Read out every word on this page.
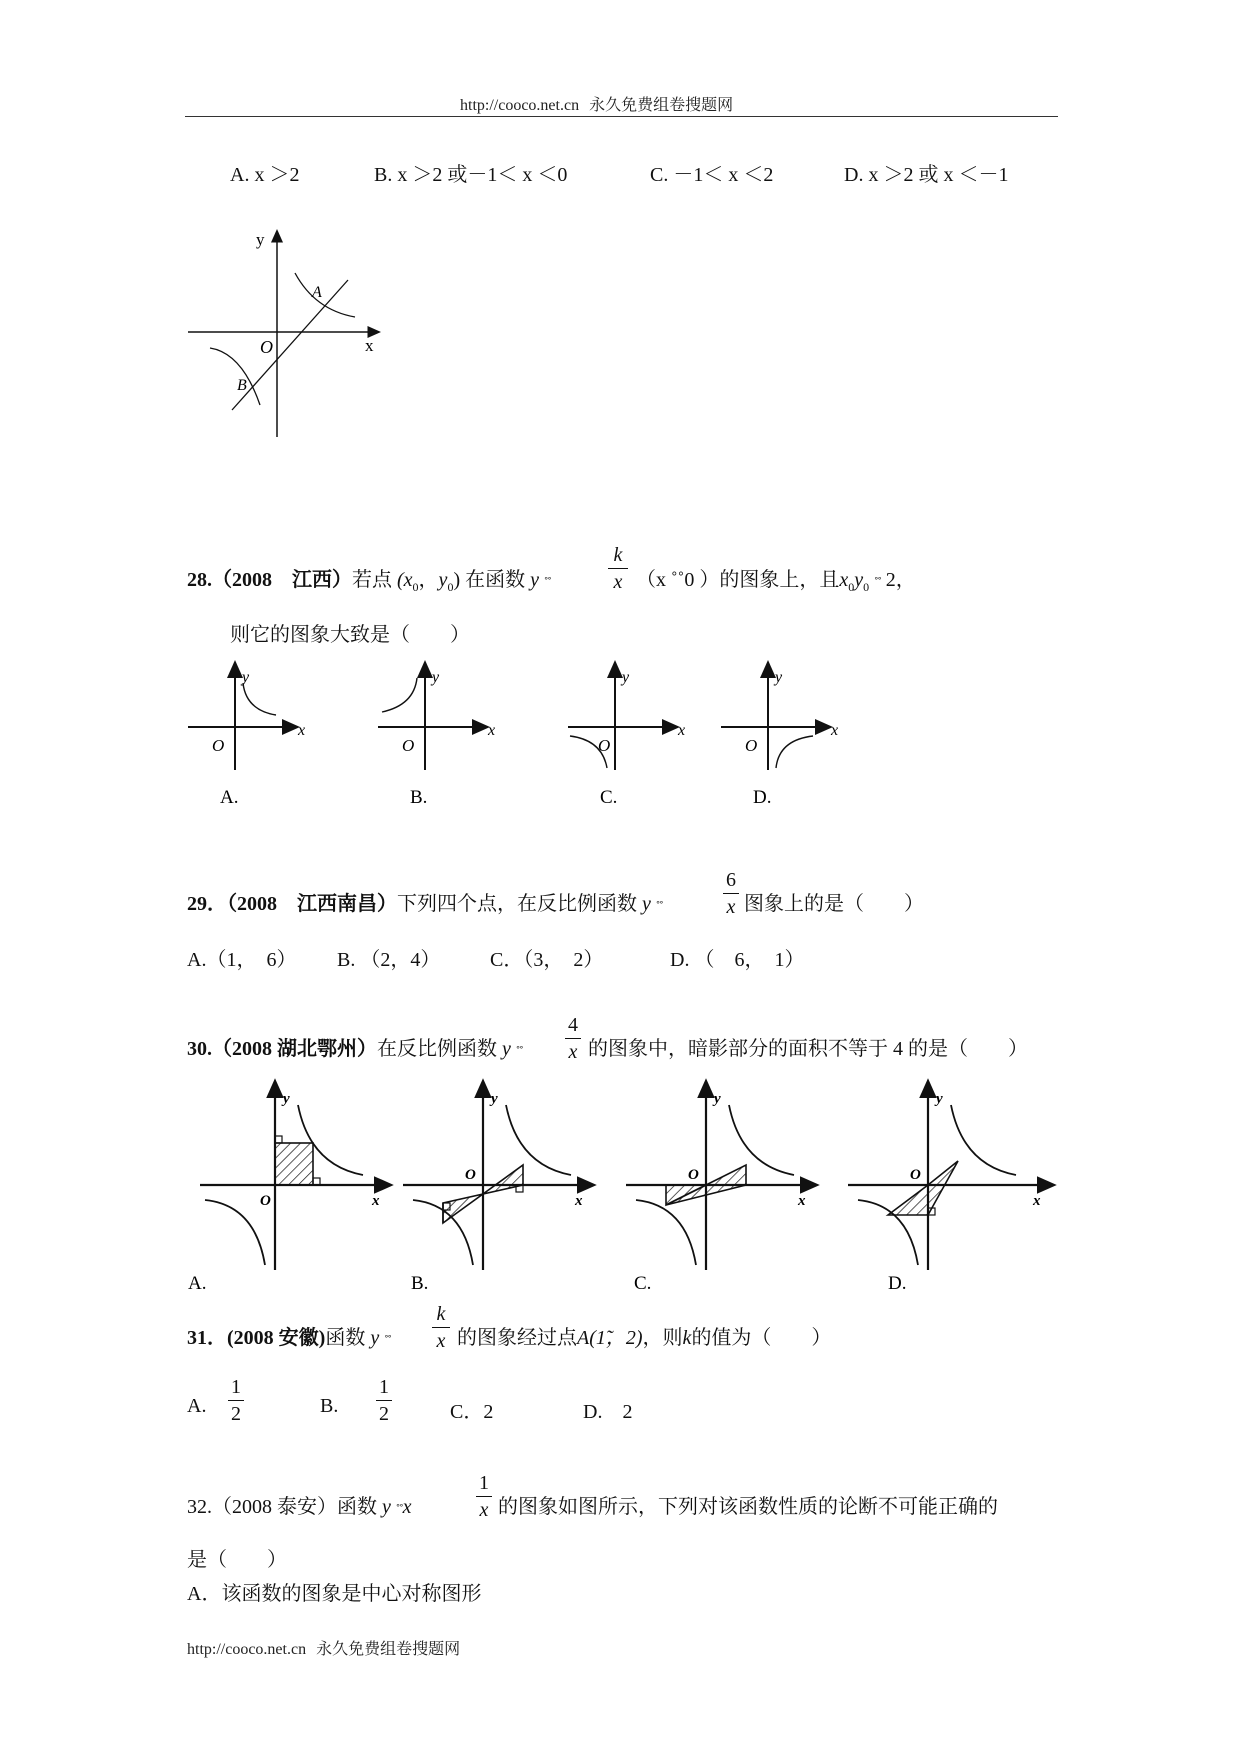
http://cooco.net.cn 永久免费组卷搜题网
A. x ＞2	B. x ＞2 或－1＜ x ＜0	C. －1＜ x ＜2	D. x ＞2 或 x ＜－1
y
x
O
A
B
28.（2008　江西）若点 ($x_0$，$y_0$) 在函数 y ˚˚
k
x （x ˚˚0 ）的图象上，且$x_0y_0$ ˚˚ 2，
则它的图象大致是（　　）
y
x
O
A.
y
x
O
B.
y
x
O
C.
y
x
O
D.
29．（2008　江西南昌）下列四个点，在反比例函数 y ˚˚
6
x 图象上的是（　　）
A.（1，　6） B. （2，4） C．（3，　2）	D. （　6，　1）
30.（2008 湖北鄂州）在反比例函数 y ˚˚
4
x 的图象中，暗影部分的面积不等于 4 的是（　　）
y
x
O
A.
y
x
O
B.
y
x
O
C.
y
x
O
D.
31．(2008 安徽)函数 y ˚˚
k
x 的图象经过点A(1̃，2)，则k的值为（　　）
A.
1
2	B.
1
2	C．2	D.　2
32.（2008 泰安）函数 y ˚˚x
1
x 的图象如图所示，下列对该函数性质的论断不可能正确的
是（　　）
A．该函数的图象是中心对称图形
http://cooco.net.cn 永久免费组卷搜题网
